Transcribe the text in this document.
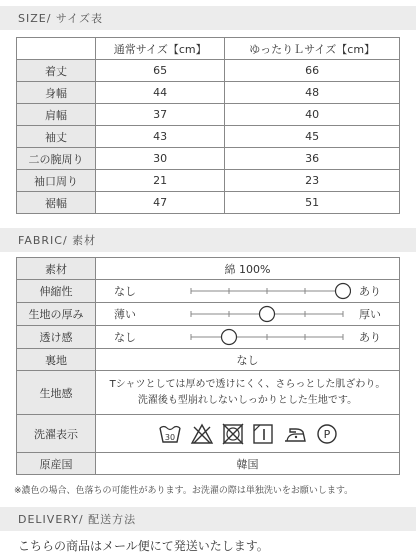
SIZE/ サイズ表
	通常サイズ【cm】	ゆったりＬサイズ【cm】
着丈	65	66
身幅	44	48
肩幅	37	40
袖丈	43	45
二の腕周り	30	36
袖口周り	21	23
裾幅	47	51
FABRIC/ 素材
素材	綿 100%
伸縮性	なし あり

生地の厚み	薄い 厚い

透け感	なし あり

裏地	なし
生地感	Tシャツとしては厚めで透けにくく、さらっとした肌ざわり。
洗濯後も型崩れしないしっかりとした生地です。

洗濯表示	30 P

原産国	韓国
※濃色の場合、色落ちの可能性があります。お洗濯の際は単独洗いをお願いします。
DELIVERY/ 配送方法
こちらの商品はメール便にて発送いたします。
